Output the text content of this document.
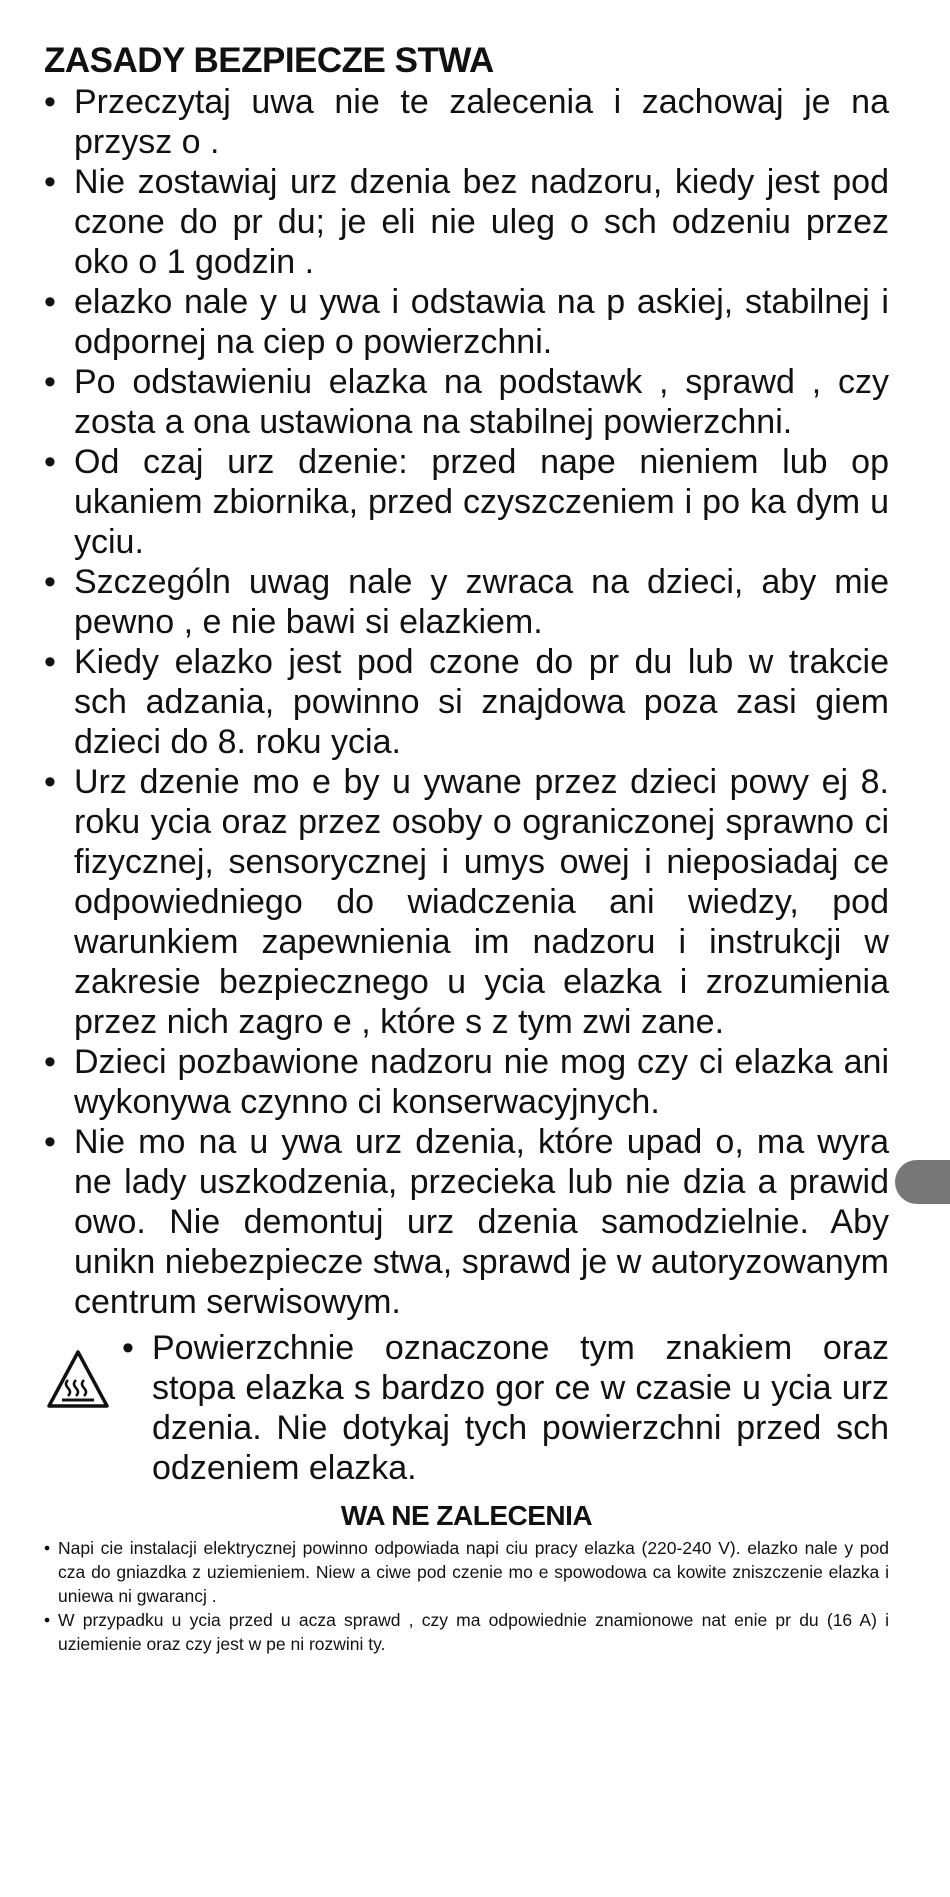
ZASADY BEZPIECZE STWA
• Przeczytaj uwa nie te zalecenia i zachowaj je na przysz o .
• Nie zostawiaj urz dzenia bez nadzoru, kiedy jest pod czone do pr du; je eli nie uleg o sch odzeniu przez oko o 1 godzin .
• elazko nale y u ywa i odstawia na p askiej, stabilnej i odpornej na ciep o powierzchni.
• Po odstawieniu elazka na podstawk , sprawd , czy zosta a ona ustawiona na stabilnej powierzchni.
• Od czaj urz dzenie: przed nape nieniem lub op ukaniem zbiornika, przed czyszczeniem i po ka dym u yciu.
• Szczególn uwag nale y zwraca na dzieci, aby mie pewno , e nie bawi si elazkiem.
• Kiedy elazko jest pod czone do pr du lub w trakcie sch adzania, powinno si znajdowa poza zasi giem dzieci do 8. roku ycia.
• Urz dzenie mo e by u ywane przez dzieci powy ej 8. roku ycia oraz przez osoby o ograniczonej sprawno ci fizycznej, sensorycznej i umys owej i nieposiadaj ce odpowiedniego do wiadczenia ani wiedzy, pod warunkiem zapewnienia im nadzoru i instrukcji w zakresie bezpiecznego u ycia elazka i zrozumienia przez nich zagro e , które s z tym zwi zane.
• Dzieci pozbawione nadzoru nie mog czy ci elazka ani wykonywa czynno ci konserwacyjnych.
• Nie mo na u ywa urz dzenia, które upad o, ma wyra ne lady uszkodzenia, przecieka lub nie dzia a prawid owo. Nie demontuj urz dzenia samodzielnie. Aby unikn niebezpiecze stwa, sprawd je w autoryzowanym centrum serwisowym.
• Powierzchnie oznaczone tym znakiem oraz stopa elazka s bardzo gor ce w czasie u ycia urz dzenia. Nie dotykaj tych powierzchni przed sch odzeniem elazka.
WA NE ZALECENIA
• Napi cie instalacji elektrycznej powinno odpowiada napi ciu pracy elazka (220-240 V). elazko nale y pod cza do gniazdka z uziemieniem. Niew a ciwe pod czenie mo e spowodowa ca kowite zniszczenie elazka i uniewa ni gwarancj .
• W przypadku u ycia przed u acza sprawd , czy ma odpowiednie znamionowe nat enie pr du (16 A) i uziemienie oraz czy jest w pe ni rozwini ty.
